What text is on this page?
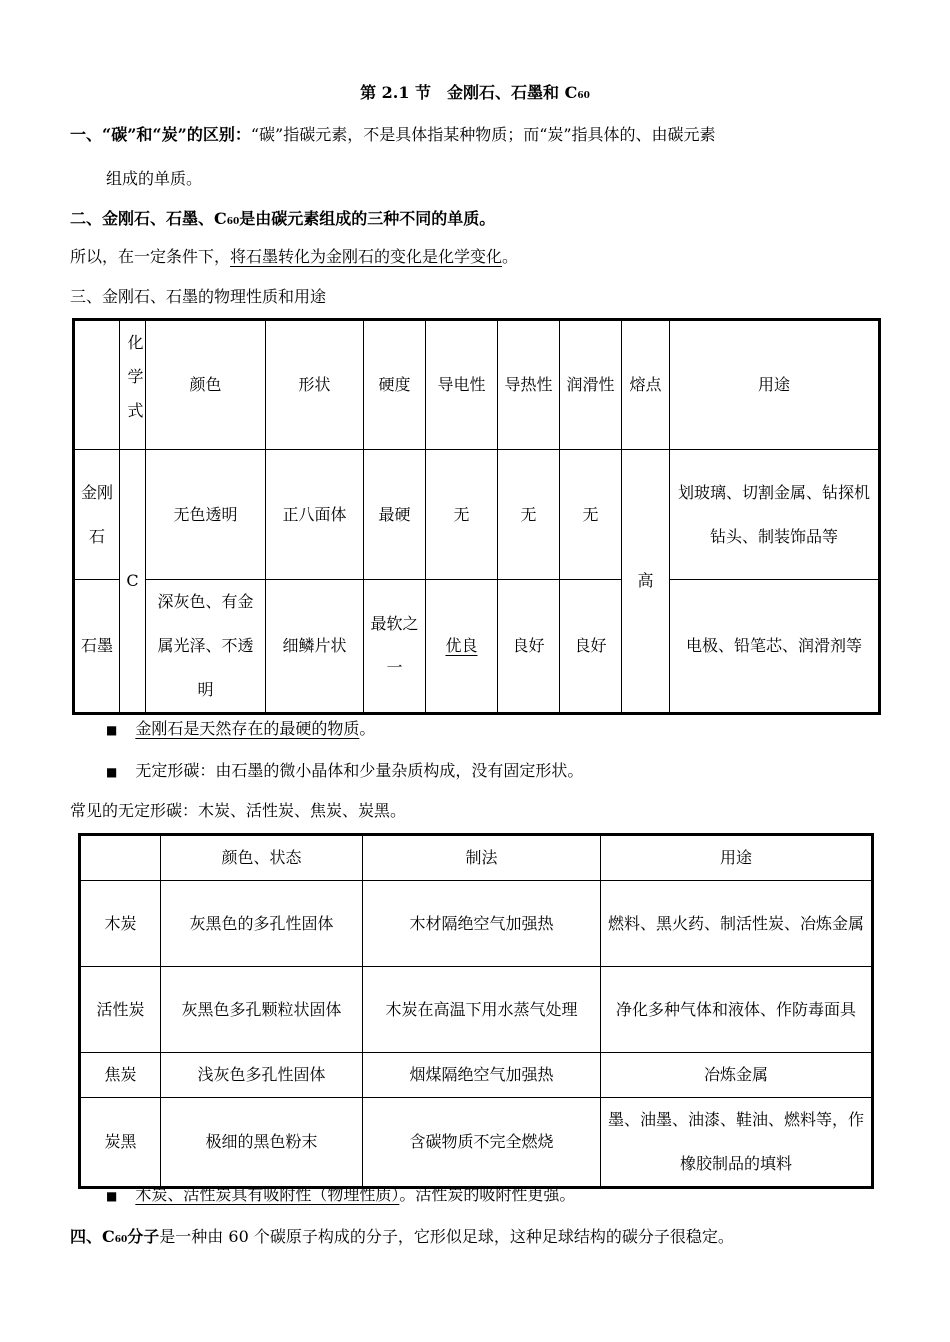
第 2.1 节　金刚石、石墨和 C60
一、“碳”和“炭”的区别：“碳”指碳元素，不是具体指某种物质；而“炭”指具体的、由碳元素
组成的单质。
二、金刚石、石墨、C60是由碳元素组成的三种不同的单质。
所以，在一定条件下，将石墨转化为金刚石的变化是化学变化。
三、金刚石、石墨的物理性质和用途

	化学式	颜色	形状	硬度	导电性	导热性	润滑性	熔点	用途
金刚石	C	无色透明	正八面体	最硬	无	无	无	高	划玻璃、切割金属、钻探机钻头、制装饰品等
石墨		深灰色、有金属光泽、不透明	细鳞片状	最软之一	优良	良好	良好		电极、铅笔芯、润滑剂等
■ 金刚石是天然存在的最硬的物质。
■ 无定形碳：由石墨的微小晶体和少量杂质构成，没有固定形状。
常见的无定形碳：木炭、活性炭、焦炭、炭黑。
	颜色、状态	制法	用途
木炭	灰黑色的多孔性固体	木材隔绝空气加强热	燃料、黑火药、制活性炭、冶炼金属
活性炭	灰黑色多孔颗粒状固体	木炭在高温下用水蒸气处理	净化多种气体和液体、作防毒面具
焦炭	浅灰色多孔性固体	烟煤隔绝空气加强热	冶炼金属
炭黑	极细的黑色粉末	含碳物质不完全燃烧	墨、油墨、油漆、鞋油、燃料等，作橡胶制品的填料
■ 木炭、活性炭具有吸附性（物理性质）。活性炭的吸附性更强。
四、C60分子是一种由 60 个碳原子构成的分子，它形似足球，这种足球结构的碳分子很稳定。
